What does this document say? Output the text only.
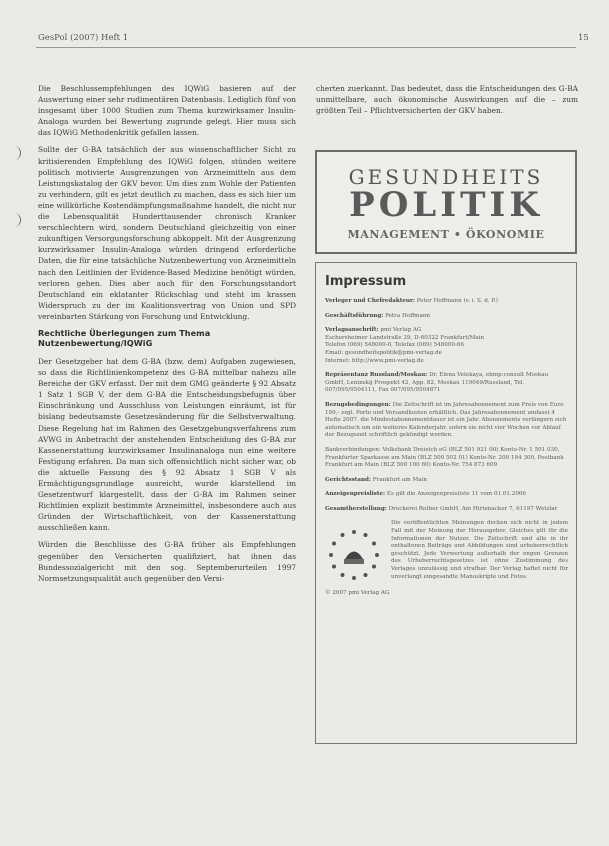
GesPol (2007) Heft 1	15

Die Beschlussempfehlungen des IQWiG basieren auf der Auswertung einer sehr rudimentären Datenbasis. Lediglich fünf von insgesamt über 1000 Studien zum Thema kurzwirksamer Insulin-Analoga wurden bei Bewertung zugrunde gelegt. Hier muss sich das IQWiG Methodenkritik gefallen lassen.

Sollte der G-BA tatsächlich der aus wissenschaftlicher Sicht zu kritisierenden Empfehlung des IQWiG folgen, stünden weitere politisch motivierte Ausgrenzungen von Arzneimitteln aus dem Leistungskatalog der GKV bevor. Um dies zum Wohle der Patienten zu verhindern, gilt es jetzt deutlich zu machen, dass es sich hier um eine willkürliche Kostendämpfungsmaßnahme handelt, die nicht nur die Lebensqualität Hunderttausender chronisch Kranker verschlechtern wird, sondern Deutschland gleichzeitig von einer zukunftigen Versorgungsforschung abkoppelt. Mit der Ausgrenzung kurzwirksamer Insulin-Analoga würden dringend erforderliche Daten, die für eine tatsächliche Nutzenbewertung von Arzneimitteln nach den Leitlinien der Evidence-Based Medizine benötigt würden, verloren gehen. Dies aber auch für den Forschungsstandort Deutschland ein eklatanter Rückschlag und steht im krassen Widerspruch zu der im Koalitionsvertrag von Union und SPD vereinbarten Stärkung von Forschung und Entwicklung.

Rechtliche Überlegungen zum Thema
Nutzenbewertung/IQWiG

Der Gesetzgeber hat dem G-BA (bzw. dem) Aufgaben zugewiesen, so dass die Richtlinienkompetenz des G-BA mittelbar nahezu alle Bereiche der GKV erfasst. Der mit dem GMG geänderte § 92 Absatz 1 Satz 1 SGB V, der dem G-BA die Entscheidungsbefugnis über Einschränkung und Ausschluss von Leistungen einräumt, ist für bislang bedeutsamste Gesetzesänderung für die Selbstverwaltung. Diese Regelung hat im Rahmen des Gesetzgebungsverfahrens zum AVWG in Anbetracht der anstehenden Entscheidung des G-BA zur Kassenerstattung kurzwirksamer Insulinanaloga nun eine weitere Festigung erfahren. Da man sich offensichtlich nicht sicher war, ob die aktuelle Fassung des § 92 Absatz 1 SGB V als Ermächtigungsgrundlage ausreicht, wurde klarstellend im Gesetzentwurf klargestellt, dass der G-BA im Rahmen seiner Richtlinien explizit bestimmte Arzneimittel, insbesondere auch aus Gründen der Wirtschaftlichkeit, von der Kassenerstattung ausschließen kann.

Würden die Beschlüsse des G-BA früher als Empfehlungen gegenüber den Versicherten qualifiziert, hat ihnen das Bundessozialgericht mit den sog. Septemberurteilen 1997 Normsetzungsqualität auch gegenüber den Versi-

cherten zuerkannt. Das bedeutet, dass die Entscheidungen des G-BA unmittelbare, auch ökonomische Auswirkungen auf die – zum größten Teil – Pflichtversicherten der GKV haben.

GESUNDHEITS
POLITIK
MANAGEMENT • ÖKONOMIE
Impressum
Verleger und Chefredakteur: Peter Hoffmann (v. i. S. d. P.)
Geschäftsführung: Petra Hoffmann
Verlagsanschrift: pmi Verlag AG
Eschersheimer Landstraße 29, D-60322 Frankfurt/Main
Telefon (069) 548000-0, Telefax (069) 548000-66
Email: gesundheitspolitik@pmi-verlag.de
Internet: http://www.pmi-verlag.de
Repräsentanz Russland/Moskau: Dr. Elena Velekaya, ebmp:consult Moskau GmbH, Leninskij Prospekt 42, App. 82, Moskau 119049/Russland, Tel. 007/095/9504111, Fax 007/095/9504871
Bezugsbedingungen: Die Zeitschrift ist im Jahresabonnement zum Preis von Euro 199,- zzgl. Porto und Versandkosten erhältlich. Das Jahresabonnement umfasst 4 Hefte 2007. die Mindestabonnementdauer ist ein Jahr. Abonnements verlängern sich automatisch um ein weiteres Kalenderjahr, sofern sie nicht vier Wochen vor Ablauf der Bezugszeit schriftlich gekündigt werden.
Bankverbindungen: Volksbank Dreieich eG (BLZ 501 921 00) Konto-Nr. 1 501 030, Frankfurter Sparkasse am Main (BLZ 500 502 01) Konto-Nr. 200 194 300, Postbank Frankfurt am Main (BLZ 500 100 60) Konto-Nr. 754 873 609
Gerichtsstand: Frankfurt am Main
Anzeigenpreisliste: Es gilt die Anzeigenpreisliste 11 vom 01.01.2006
Gesamtherstellung: Druckerei Rother GmbH, Am Hirtenacker 7, 61197 Wetzlar
Die veröffentlichten Meinungen decken sich nicht in jedem Fall mit der Meinung der Herausgeber. Gleiches gilt für die Informationen der Nutzer. Die Zeitschrift und alle in ihr enthaltenen Beiträge und Abbildungen sind urheberrechtlich geschützt. Jede Verwertung außerhalb der engen Grenzen des Urheberrechtsgesetzes ist ohne Zustimmung des Verlages unzulässig und strafbar. Der Verlag haftet nicht für unverlangt eingesandte Manuskripte und Fotos.
© 2007 pmi Verlag AG
